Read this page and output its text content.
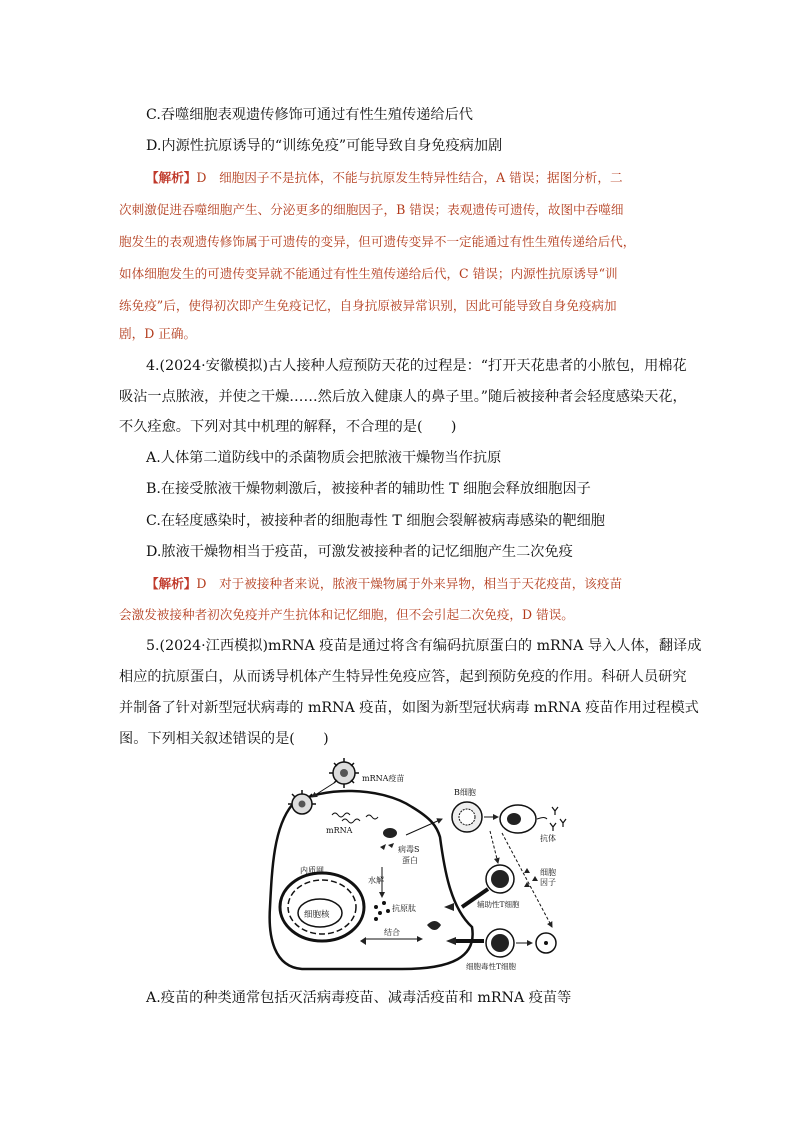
C.吞噬细胞表观遗传修饰可通过有性生殖传递给后代
D.内源性抗原诱导的“训练免疫”可能导致自身免疫病加剧
【解析】D　细胞因子不是抗体，不能与抗原发生特异性结合，A 错误；据图分析，二
次刺激促进吞噬细胞产生、分泌更多的细胞因子，B 错误；表观遗传可遗传，故图中吞噬细
胞发生的表观遗传修饰属于可遗传的变异，但可遗传变异不一定能通过有性生殖传递给后代，
如体细胞发生的可遗传变异就不能通过有性生殖传递给后代，C 错误；内源性抗原诱导“训
练免疫”后，使得初次即产生免疫记忆，自身抗原被异常识别，因此可能导致自身免疫病加
剧，D 正确。
4.(2024·安徽模拟)古人接种人痘预防天花的过程是：“打开天花患者的小脓包，用棉花
吸沾一点脓液，并使之干燥……然后放入健康人的鼻子里。”随后被接种者会轻度感染天花，
不久痊愈。下列对其中机理的解释，不合理的是(　　)
A.人体第二道防线中的杀菌物质会把脓液干燥物当作抗原
B.在接受脓液干燥物刺激后，被接种者的辅助性 T 细胞会释放细胞因子
C.在轻度感染时，被接种者的细胞毒性 T 细胞会裂解被病毒感染的靶细胞
D.脓液干燥物相当于疫苗，可激发被接种者的记忆细胞产生二次免疫
【解析】D　对于被接种者来说，脓液干燥物属于外来异物，相当于天花疫苗，该疫苗
会激发被接种者初次免疫并产生抗体和记忆细胞，但不会引起二次免疫，D 错误。
5.(2024·江西模拟)mRNA 疫苗是通过将含有编码抗原蛋白的 mRNA 导入人体，翻译成
相应的抗原蛋白，从而诱导机体产生特异性免疫应答，起到预防免疫的作用。科研人员研究
并制备了针对新型冠状病毒的 mRNA 疫苗，如图为新型冠状病毒 mRNA 疫苗作用过程模式
图。下列相关叙述错误的是(　　)
mRNA疫苗
mRNA
病毒S
蛋白
内质网
细胞核
水解
抗原肽
结合
B细胞
抗体
辅助性T细胞
细胞
因子
细胞毒性T细胞
A.疫苗的种类通常包括灭活病毒疫苗、减毒活疫苗和 mRNA 疫苗等
